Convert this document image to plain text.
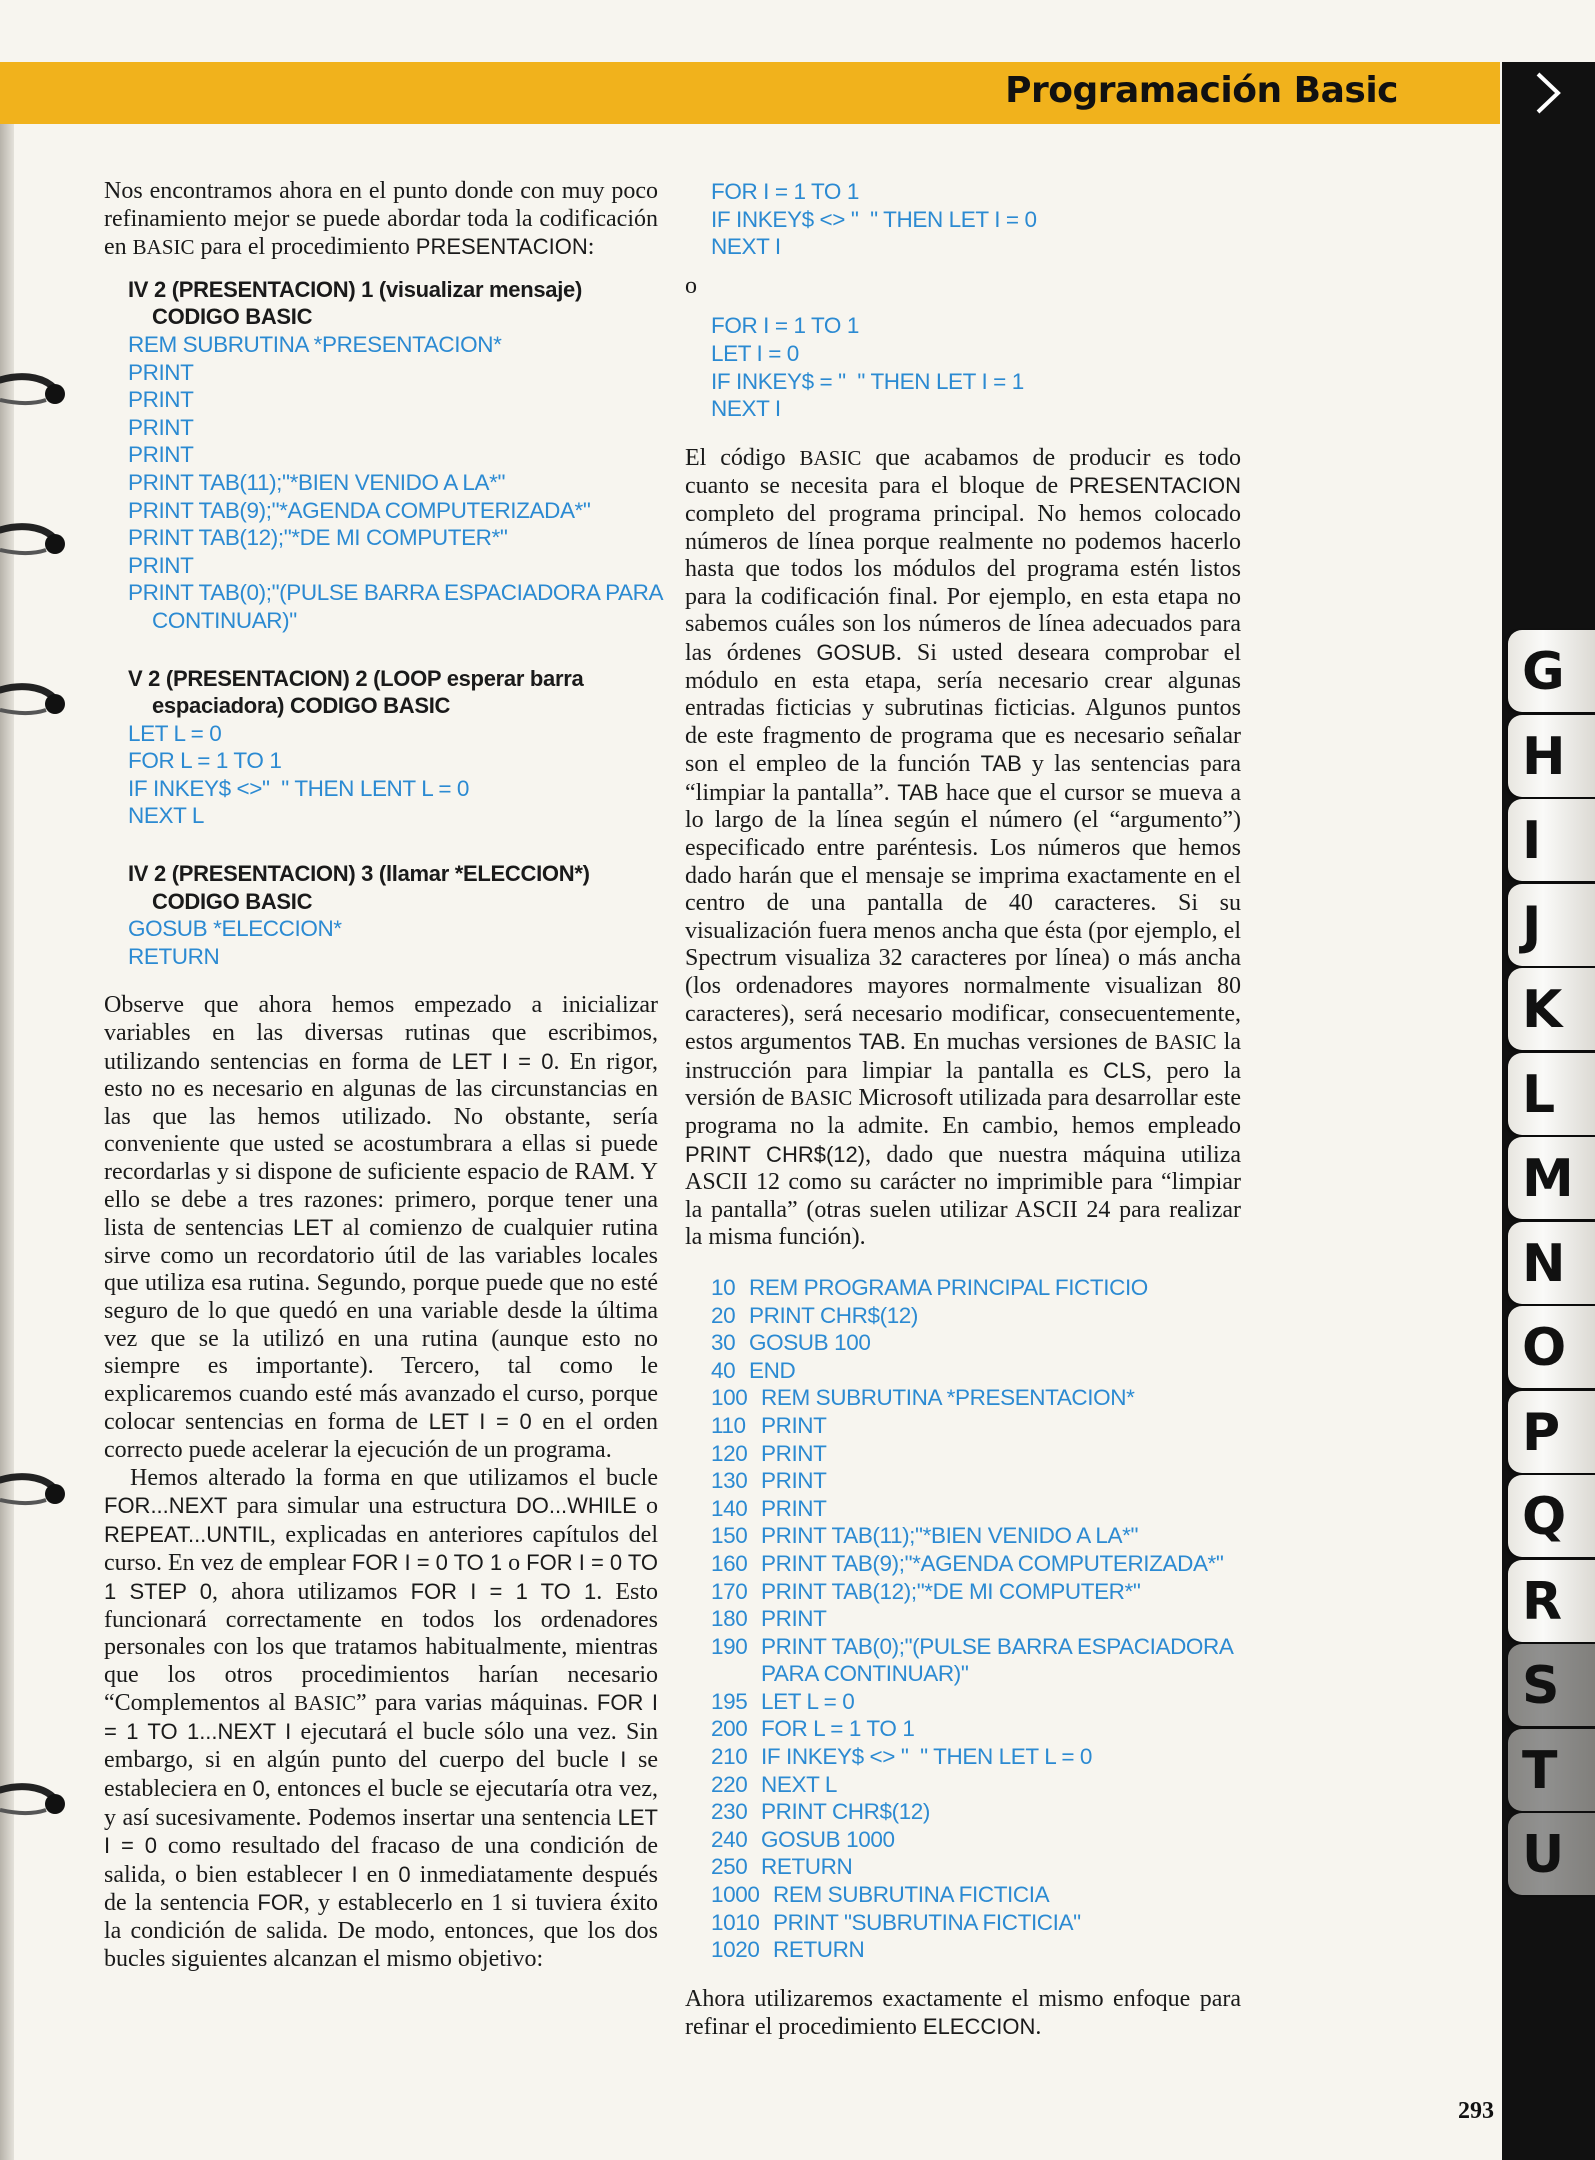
Programación Basic
G
H
I
J
K
L
M
N
O
P
Q
R
S
T
U

Nos encontramos ahora en el punto donde con muy poco refinamiento mejor se puede abordar toda la codificación en BASIC para el procedimiento PRESENTACION:

IV 2 (PRESENTACION) 1 (visualizar mensaje)
CODIGO BASIC

REM SUBRUTINA *PRESENTACION*
PRINT
PRINT
PRINT
PRINT
PRINT TAB(11);"*BIEN VENIDO A LA*"
PRINT TAB(9);"*AGENDA COMPUTERIZADA*"
PRINT TAB(12);"*DE MI COMPUTER*"
PRINT
PRINT TAB(0);"(PULSE BARRA ESPACIADORA PARA
CONTINUAR)"

V 2 (PRESENTACION) 2 (LOOP esperar barra
espaciadora) CODIGO BASIC

LET L = 0
FOR L = 1 TO 1
IF INKEY$ <>"  " THEN LENT L = 0
NEXT L

IV 2 (PRESENTACION) 3 (llamar *ELECCION*)
CODIGO BASIC

GOSUB *ELECCION*
RETURN

Observe que ahora hemos empezado a inicializar variables en las diversas rutinas que escribimos, utilizando sentencias en forma de LET I = 0. En rigor, esto no es necesario en algunas de las circunstancias en las que las hemos utilizado. No obstante, sería conveniente que usted se acostumbrara a ellas si puede recordarlas y si dispone de suficiente espacio de RAM. Y ello se debe a tres razones: primero, porque tener una lista de sentencias LET al comienzo de cualquier rutina sirve como un recordatorio útil de las variables locales que utiliza esa rutina. Segundo, porque puede que no esté seguro de lo que quedó en una variable desde la última vez que se la utilizó en una rutina (aunque esto no siempre es importante). Tercero, tal como le explicaremos cuando esté más avanzado el curso, porque colocar sentencias en forma de LET I = 0 en el orden correcto puede acelerar la ejecución de un programa.

Hemos alterado la forma en que utilizamos el bucle FOR...NEXT para simular una estructura DO...WHILE o REPEAT...UNTIL, explicadas en anteriores capítulos del curso. En vez de emplear FOR I = 0 TO 1 o FOR I = 0 TO 1 STEP 0, ahora utilizamos FOR I = 1 TO 1. Esto funcionará correctamente en todos los ordenadores personales con los que tratamos habitualmente, mientras que los otros procedimientos harían necesario “Complementos al BASIC” para varias máquinas. FOR I = 1 TO 1...NEXT I ejecutará el bucle sólo una vez. Sin embargo, si en algún punto del cuerpo del bucle I se estableciera en 0, entonces el bucle se ejecutaría otra vez, y así sucesivamente. Podemos insertar una sentencia LET I = 0 como resultado del fracaso de una condición de salida, o bien establecer I en 0 inmediatamente después de la sentencia FOR, y establecerlo en 1 si tuviera éxito la condición de salida. De modo, entonces, que los dos bucles siguientes alcanzan el mismo objetivo:

FOR I = 1 TO 1
IF INKEY$ <> "  " THEN LET I = 0
NEXT I

o

FOR I = 1 TO 1
LET I = 0
IF INKEY$ = "  " THEN LET I = 1
NEXT I

El código BASIC que acabamos de producir es todo cuanto se necesita para el bloque de PRESENTACION completo del programa principal. No hemos colocado números de línea porque realmente no podemos hacerlo hasta que todos los módulos del programa estén listos para la codificación final. Por ejemplo, en esta etapa no sabemos cuáles son los números de línea adecuados para las órdenes GOSUB. Si usted deseara comprobar el módulo en esta etapa, sería necesario crear algunas entradas ficticias y subrutinas ficticias. Algunos puntos de este fragmento de programa que es necesario señalar son el empleo de la función TAB y las sentencias para “limpiar la pantalla”. TAB hace que el cursor se mueva a lo largo de la línea según el número (el “argumento”) especificado entre paréntesis. Los números que hemos dado harán que el mensaje se imprima exactamente en el centro de una pantalla de 40 caracteres. Si su visualización fuera menos ancha que ésta (por ejemplo, el Spectrum visualiza 32 caracteres por línea) o más ancha (los ordenadores mayores normalmente visualizan 80 caracteres), será necesario modificar, consecuentemente, estos argumentos TAB. En muchas versiones de BASIC la instrucción para limpiar la pantalla es CLS, pero la versión de BASIC Microsoft utilizada para desarrollar este programa no la admite. En cambio, hemos empleado PRINT CHR$(12), dado que nuestra máquina utiliza ASCII 12 como su carácter no imprimible para “limpiar la pantalla” (otras suelen utilizar ASCII 24 para realizar la misma función).

10 REM PROGRAMA PRINCIPAL FICTICIO
20 PRINT CHR$(12)
30 GOSUB 100
40 END
100 REM SUBRUTINA *PRESENTACION*
110 PRINT
120 PRINT
130 PRINT
140 PRINT
150 PRINT TAB(11);"*BIEN VENIDO A LA*"
160 PRINT TAB(9);"*AGENDA COMPUTERIZADA*"
170 PRINT TAB(12);"*DE MI COMPUTER*"
180 PRINT
190 PRINT TAB(0);"(PULSE BARRA ESPACIADORA
PARA CONTINUAR)"
195 LET L = 0
200 FOR L = 1 TO 1
210 IF INKEY$ <> "  " THEN LET L = 0
220 NEXT L
230 PRINT CHR$(12)
240 GOSUB 1000
250 RETURN
1000 REM SUBRUTINA FICTICIA
1010 PRINT "SUBRUTINA FICTICIA"
1020 RETURN

Ahora utilizaremos exactamente el mismo enfoque para refinar el procedimiento ELECCION.

293
